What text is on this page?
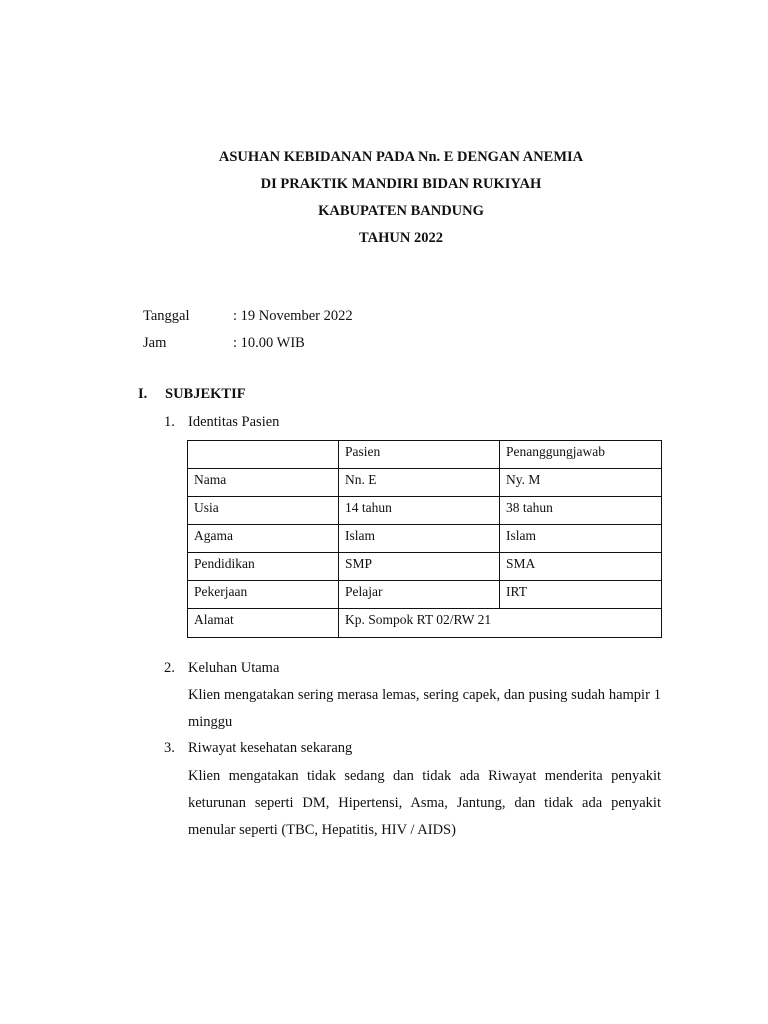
ASUHAN KEBIDANAN PADA Nn. E DENGAN ANEMIA

DI PRAKTIK MANDIRI BIDAN RUKIYAH

KABUPATEN BANDUNG

TAHUN 2022

Tanggal	: 19 November 2022
Jam	: 10.00 WIB
I. SUBJEKTIF
1. Identitas Pasien
	Pasien	Penanggungjawab
Nama	Nn. E	Ny. M
Usia	14 tahun	38 tahun
Agama	Islam	Islam
Pendidikan	SMP	SMA
Pekerjaan	Pelajar	IRT
Alamat	Kp. Sompok RT 02/RW 21	
2. Keluhan Utama
Klien mengatakan sering merasa lemas, sering capek, dan pusing sudah hampir 1 minggu
3. Riwayat kesehatan sekarang
Klien mengatakan tidak sedang dan tidak ada Riwayat menderita penyakit keturunan seperti DM, Hipertensi, Asma, Jantung, dan tidak ada penyakit menular seperti (TBC, Hepatitis, HIV / AIDS)
